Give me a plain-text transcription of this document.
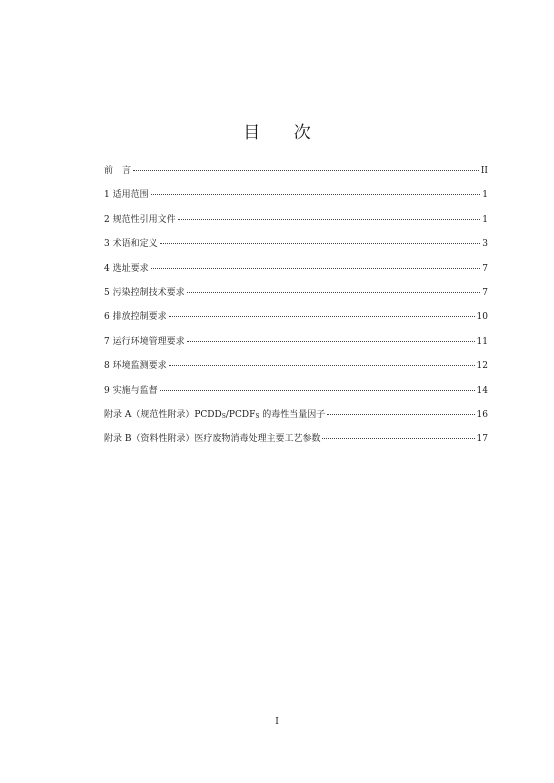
目 次
前　言	II
1 适用范围	1
2 规范性引用文件	1
3 术语和定义	3
4 选址要求	7
5 污染控制技术要求	7
6 排放控制要求	10
7 运行环境管理要求	11
8 环境监测要求	12
9 实施与监督	14
附录 A（规范性附录）$PCDD_S/PCDF_S$ 的毒性当量因子	16
附录 B（资料性附录）医疗废物消毒处理主要工艺参数	17
I
